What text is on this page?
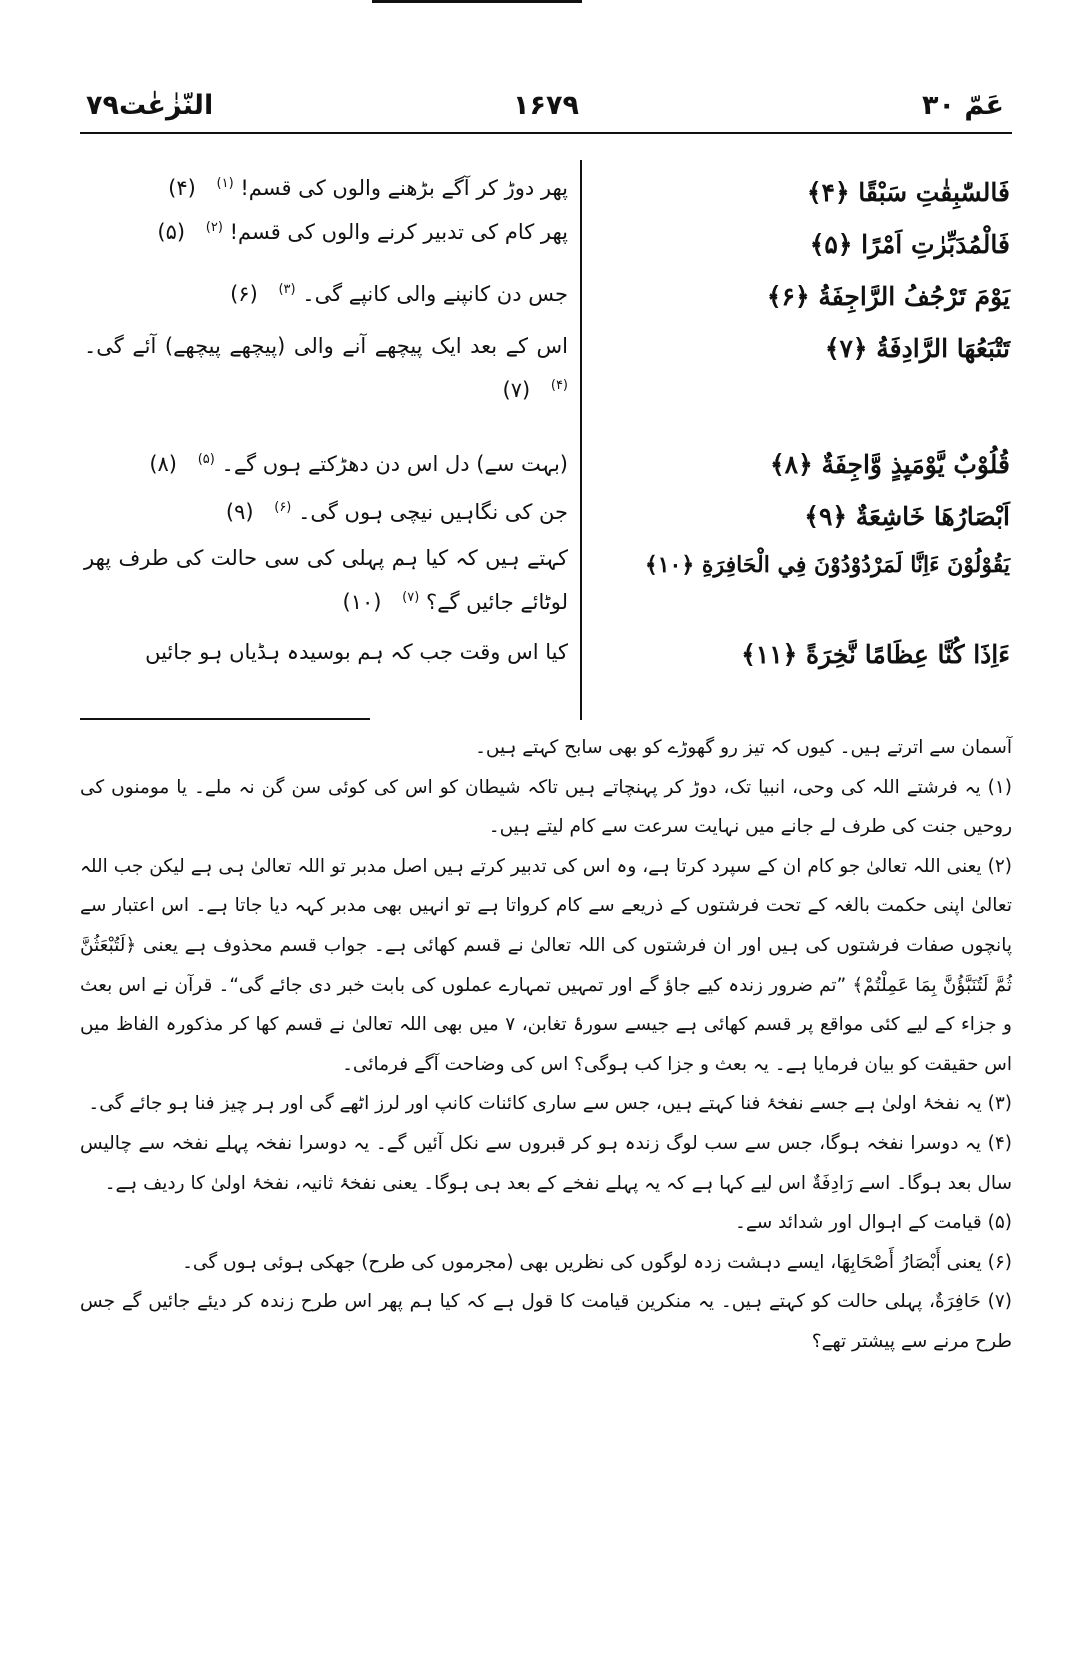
عَمّ ۳۰
۱۶۷۹
النّزٰعٰت۷۹
فَالسّٰبِقٰتِ سَبْقًا ﴿۴﴾
فَالْمُدَبِّرٰتِ اَمْرًا ﴿۵﴾
يَوْمَ تَرْجُفُ الرَّاجِفَةُ ﴿۶﴾
تَتْبَعُهَا الرَّادِفَةُ ﴿۷﴾
قُلُوْبٌ يَّوْمَىِٕذٍ وَّاجِفَةٌ ﴿۸﴾
اَبْصَارُهَا خَاشِعَةٌ ﴿۹﴾
يَقُوْلُوْنَ ءَاِنَّا لَمَرْدُوْدُوْنَ فِي الْحَافِرَةِ ﴿۱۰﴾
ءَاِذَا كُنَّا عِظَامًا نَّخِرَةً ﴿۱۱﴾
پھر دوڑ کر آگے بڑھنے والوں کی قسم! $^{(۱)}$ (۴)
پھر کام کی تدبیر کرنے والوں کی قسم! $^{(۲)}$ (۵)
جس دن کانپنے والی کانپے گی۔ $^{(۳)}$ (۶)
اس کے بعد ایک پیچھے آنے والی (پیچھے پیچھے) آئے گی۔ $^{(۴)}$ (۷)
(بہت سے) دل اس دن دھڑکتے ہوں گے۔ $^{(۵)}$ (۸)
جن کی نگاہیں نیچی ہوں گی۔ $^{(۶)}$ (۹)
کہتے ہیں کہ کیا ہم پہلی کی سی حالت کی طرف پھر لوٹائے جائیں گے؟ $^{(۷)}$ (۱۰)
کیا اس وقت جب کہ ہم بوسیدہ ہڈیاں ہو جائیں

آسمان سے اترتے ہیں۔ کیوں کہ تیز رو گھوڑے کو بھی سابح کہتے ہیں۔

(۱) یہ فرشتے اللہ کی وحی، انبیا تک، دوڑ کر پہنچاتے ہیں تاکہ شیطان کو اس کی کوئی سن گن نہ ملے۔ یا مومنوں کی روحیں جنت کی طرف لے جانے میں نہایت سرعت سے کام لیتے ہیں۔

(۲) یعنی اللہ تعالیٰ جو کام ان کے سپرد کرتا ہے، وہ اس کی تدبیر کرتے ہیں اصل مدبر تو اللہ تعالیٰ ہی ہے لیکن جب اللہ تعالیٰ اپنی حکمت بالغہ کے تحت فرشتوں کے ذریعے سے کام کرواتا ہے تو انہیں بھی مدبر کہہ دیا جاتا ہے۔ اس اعتبار سے پانچوں صفات فرشتوں کی ہیں اور ان فرشتوں کی اللہ تعالیٰ نے قسم کھائی ہے۔ جواب قسم محذوف ہے یعنی ﴿لَتُبْعَثُنَّ ثُمَّ لَتُنَبَّؤُنَّ بِمَا عَمِلْتُمْ﴾ ”تم ضرور زندہ کیے جاؤ گے اور تمہیں تمہارے عملوں کی بابت خبر دی جائے گی“۔ قرآن نے اس بعث و جزاء کے لیے کئی مواقع پر قسم کھائی ہے جیسے سورۂ تغابن، ۷ میں بھی اللہ تعالیٰ نے قسم کھا کر مذکورہ الفاظ میں اس حقیقت کو بیان فرمایا ہے۔ یہ بعث و جزا کب ہوگی؟ اس کی وضاحت آگے فرمائی۔

(۳) یہ نفخۂ اولیٰ ہے جسے نفخۂ فنا کہتے ہیں، جس سے ساری کائنات کانپ اور لرز اٹھے گی اور ہر چیز فنا ہو جائے گی۔

(۴) یہ دوسرا نفخہ ہوگا، جس سے سب لوگ زندہ ہو کر قبروں سے نکل آئیں گے۔ یہ دوسرا نفخہ پہلے نفخہ سے چالیس سال بعد ہوگا۔ اسے رَادِفَةٌ اس لیے کہا ہے کہ یہ پہلے نفخے کے بعد ہی ہوگا۔ یعنی نفخۂ ثانیہ، نفخۂ اولیٰ کا ردیف ہے۔

(۵) قیامت کے اہوال اور شدائد سے۔

(۶) یعنی أَبْصَارُ أَصْحَابِهَا، ایسے دہشت زدہ لوگوں کی نظریں بھی (مجرموں کی طرح) جھکی ہوئی ہوں گی۔

(۷) حَافِرَةٌ، پہلی حالت کو کہتے ہیں۔ یہ منکرین قیامت کا قول ہے کہ کیا ہم پھر اس طرح زندہ کر دیئے جائیں گے جس طرح مرنے سے پیشتر تھے؟
